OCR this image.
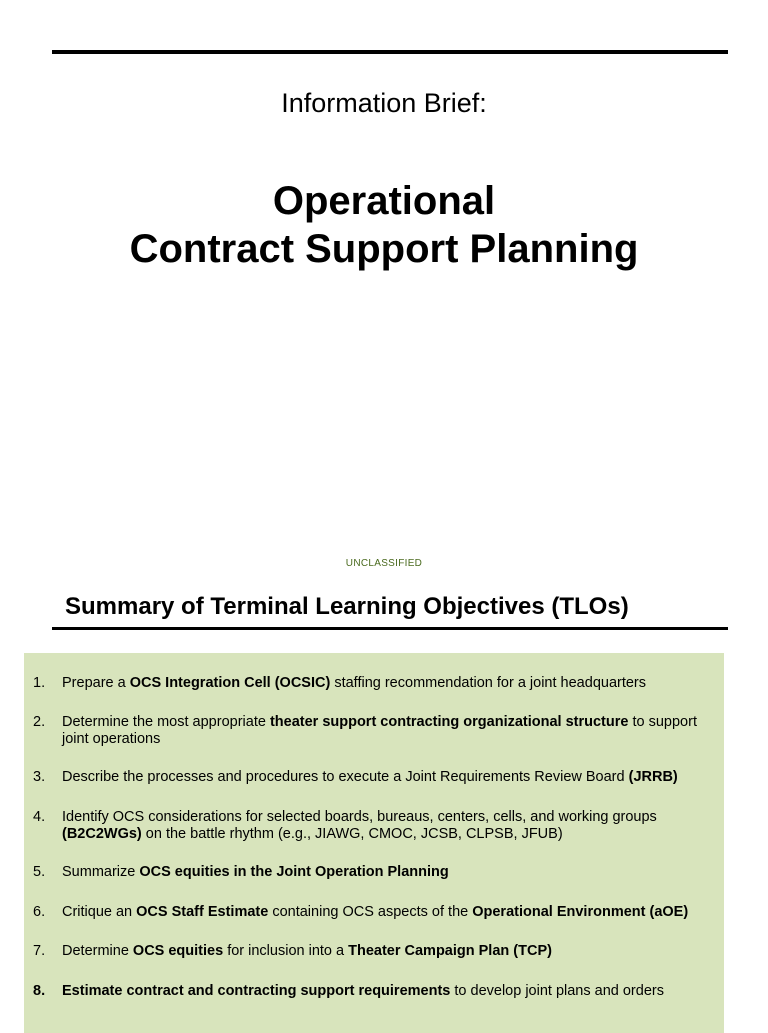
Information Brief:
Operational
Contract Support Planning
UNCLASSIFIED
Summary of Terminal Learning Objectives (TLOs)
1. Prepare a OCS Integration Cell (OCSIC) staffing recommendation for a joint headquarters
2. Determine the most appropriate theater support contracting organizational structure to support joint operations
3. Describe the processes and procedures to execute a Joint Requirements Review Board (JRRB)
4. Identify OCS considerations for selected boards, bureaus, centers, cells, and working groups (B2C2WGs) on the battle rhythm (e.g., JIAWG, CMOC, JCSB, CLPSB, JFUB)
5. Summarize OCS equities in the Joint Operation Planning
6. Critique an OCS Staff Estimate containing OCS aspects of the Operational Environment (aOE)
7. Determine OCS equities for inclusion into a Theater Campaign Plan (TCP)
8. Estimate contract and contracting support requirements to develop joint plans and orders
